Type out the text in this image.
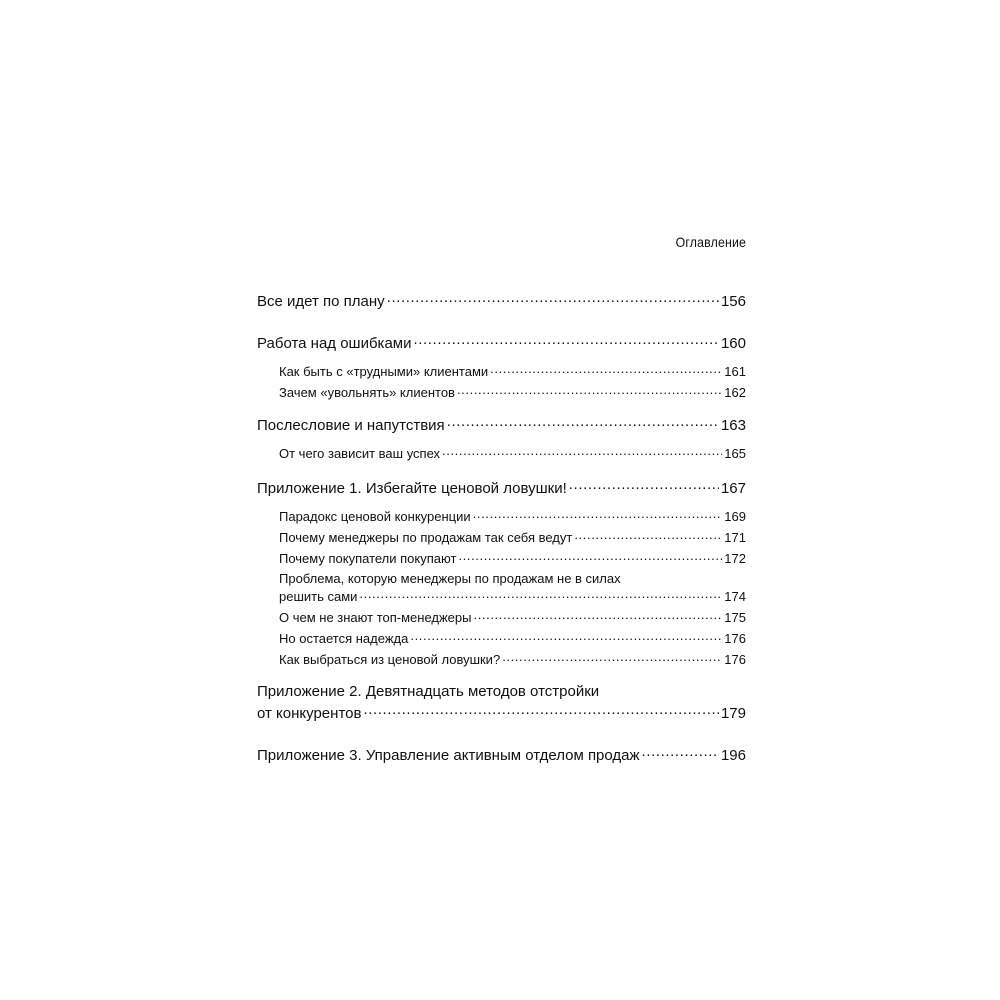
Оглавление
Все идет по плану .....	156
Работа над ошибками .....	160
Как быть с «трудными» клиентами .....	161
Зачем «увольнять» клиентов .....	162
Послесловие и напутствия .....	163
От чего зависит ваш успех .....	165
Приложение 1. Избегайте ценовой ловушки! .....	167
Парадокс ценовой конкуренции .....	169
Почему менеджеры по продажам так себя ведут .....	171
Почему покупатели покупают .....	172
Проблема, которую менеджеры по продажам не в силах
решить сами .....	174
О чем не знают топ-менеджеры .....	175
Но остается надежда .....	176
Как выбраться из ценовой ловушки? .....	176
Приложение 2. Девятнадцать методов отстройки
от конкурентов .....	179
Приложение 3. Управление активным отделом продаж .....	196
